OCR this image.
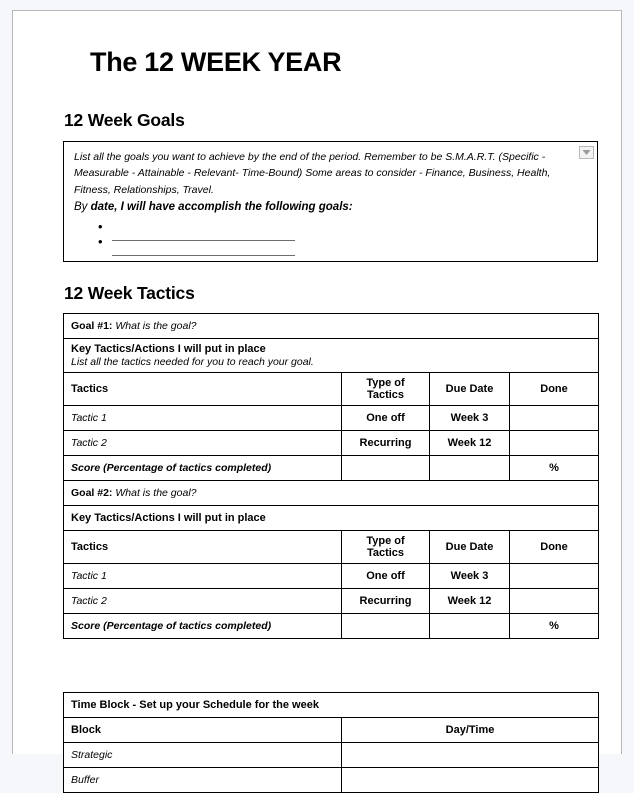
The 12 WEEK YEAR
12 Week Goals
List all the goals you want to achieve by the end of the period. Remember to be S.M.A.R.T. (Specific - Measurable - Attainable - Relevant- Time-Bound) Some areas to consider - Finance, Business, Health, Fitness, Relationships, Travel.
By date, I will have accomplish the following goals:
•
•
12 Week Tactics
Goal #1: What is the goal?			
Key Tactics/Actions I will put in place
List all the tactics needed for you to reach your goal.			

Tactics	Type of Tactics	Due Date	Done
Tactic 1	One off	Week 3	
Tactic 2	Recurring	Week 12	
Score (Percentage of tactics completed)			%
Goal #2: What is the goal?			
Key Tactics/Actions I will put in place			
Tactics	Type of Tactics	Due Date	Done
Tactic 1	One off	Week 3	
Tactic 2	Recurring	Week 12	
Score (Percentage of tactics completed)			%
Time Block - Set up your Schedule for the week	
Block	Day/Time
Strategic	
Buffer	
